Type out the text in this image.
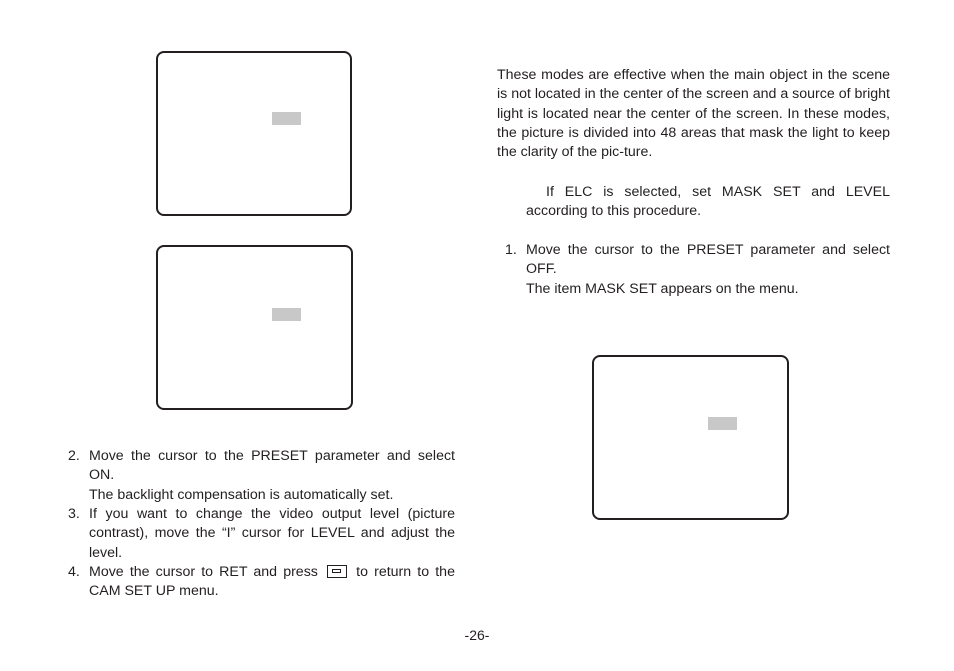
These modes are effective when the main object in the scene is not located in the center of the screen and a source of bright light is located near the center of the screen. In these modes, the picture is divided into 48 areas that mask the light to keep the clarity of the pic-ture.
If ELC is selected, set MASK SET and LEVEL according to this procedure.
1. Move the cursor to the PRESET parameter and select OFF.
The item MASK SET appears on the menu.
2. Move the cursor to the PRESET parameter and select ON.
The backlight compensation is automatically set.
3. If you want to change the video output level (picture contrast), move the “I” cursor for LEVEL and adjust the level.
4. Move the cursor to RET and press	to return to the CAM SET UP menu.
-26-
